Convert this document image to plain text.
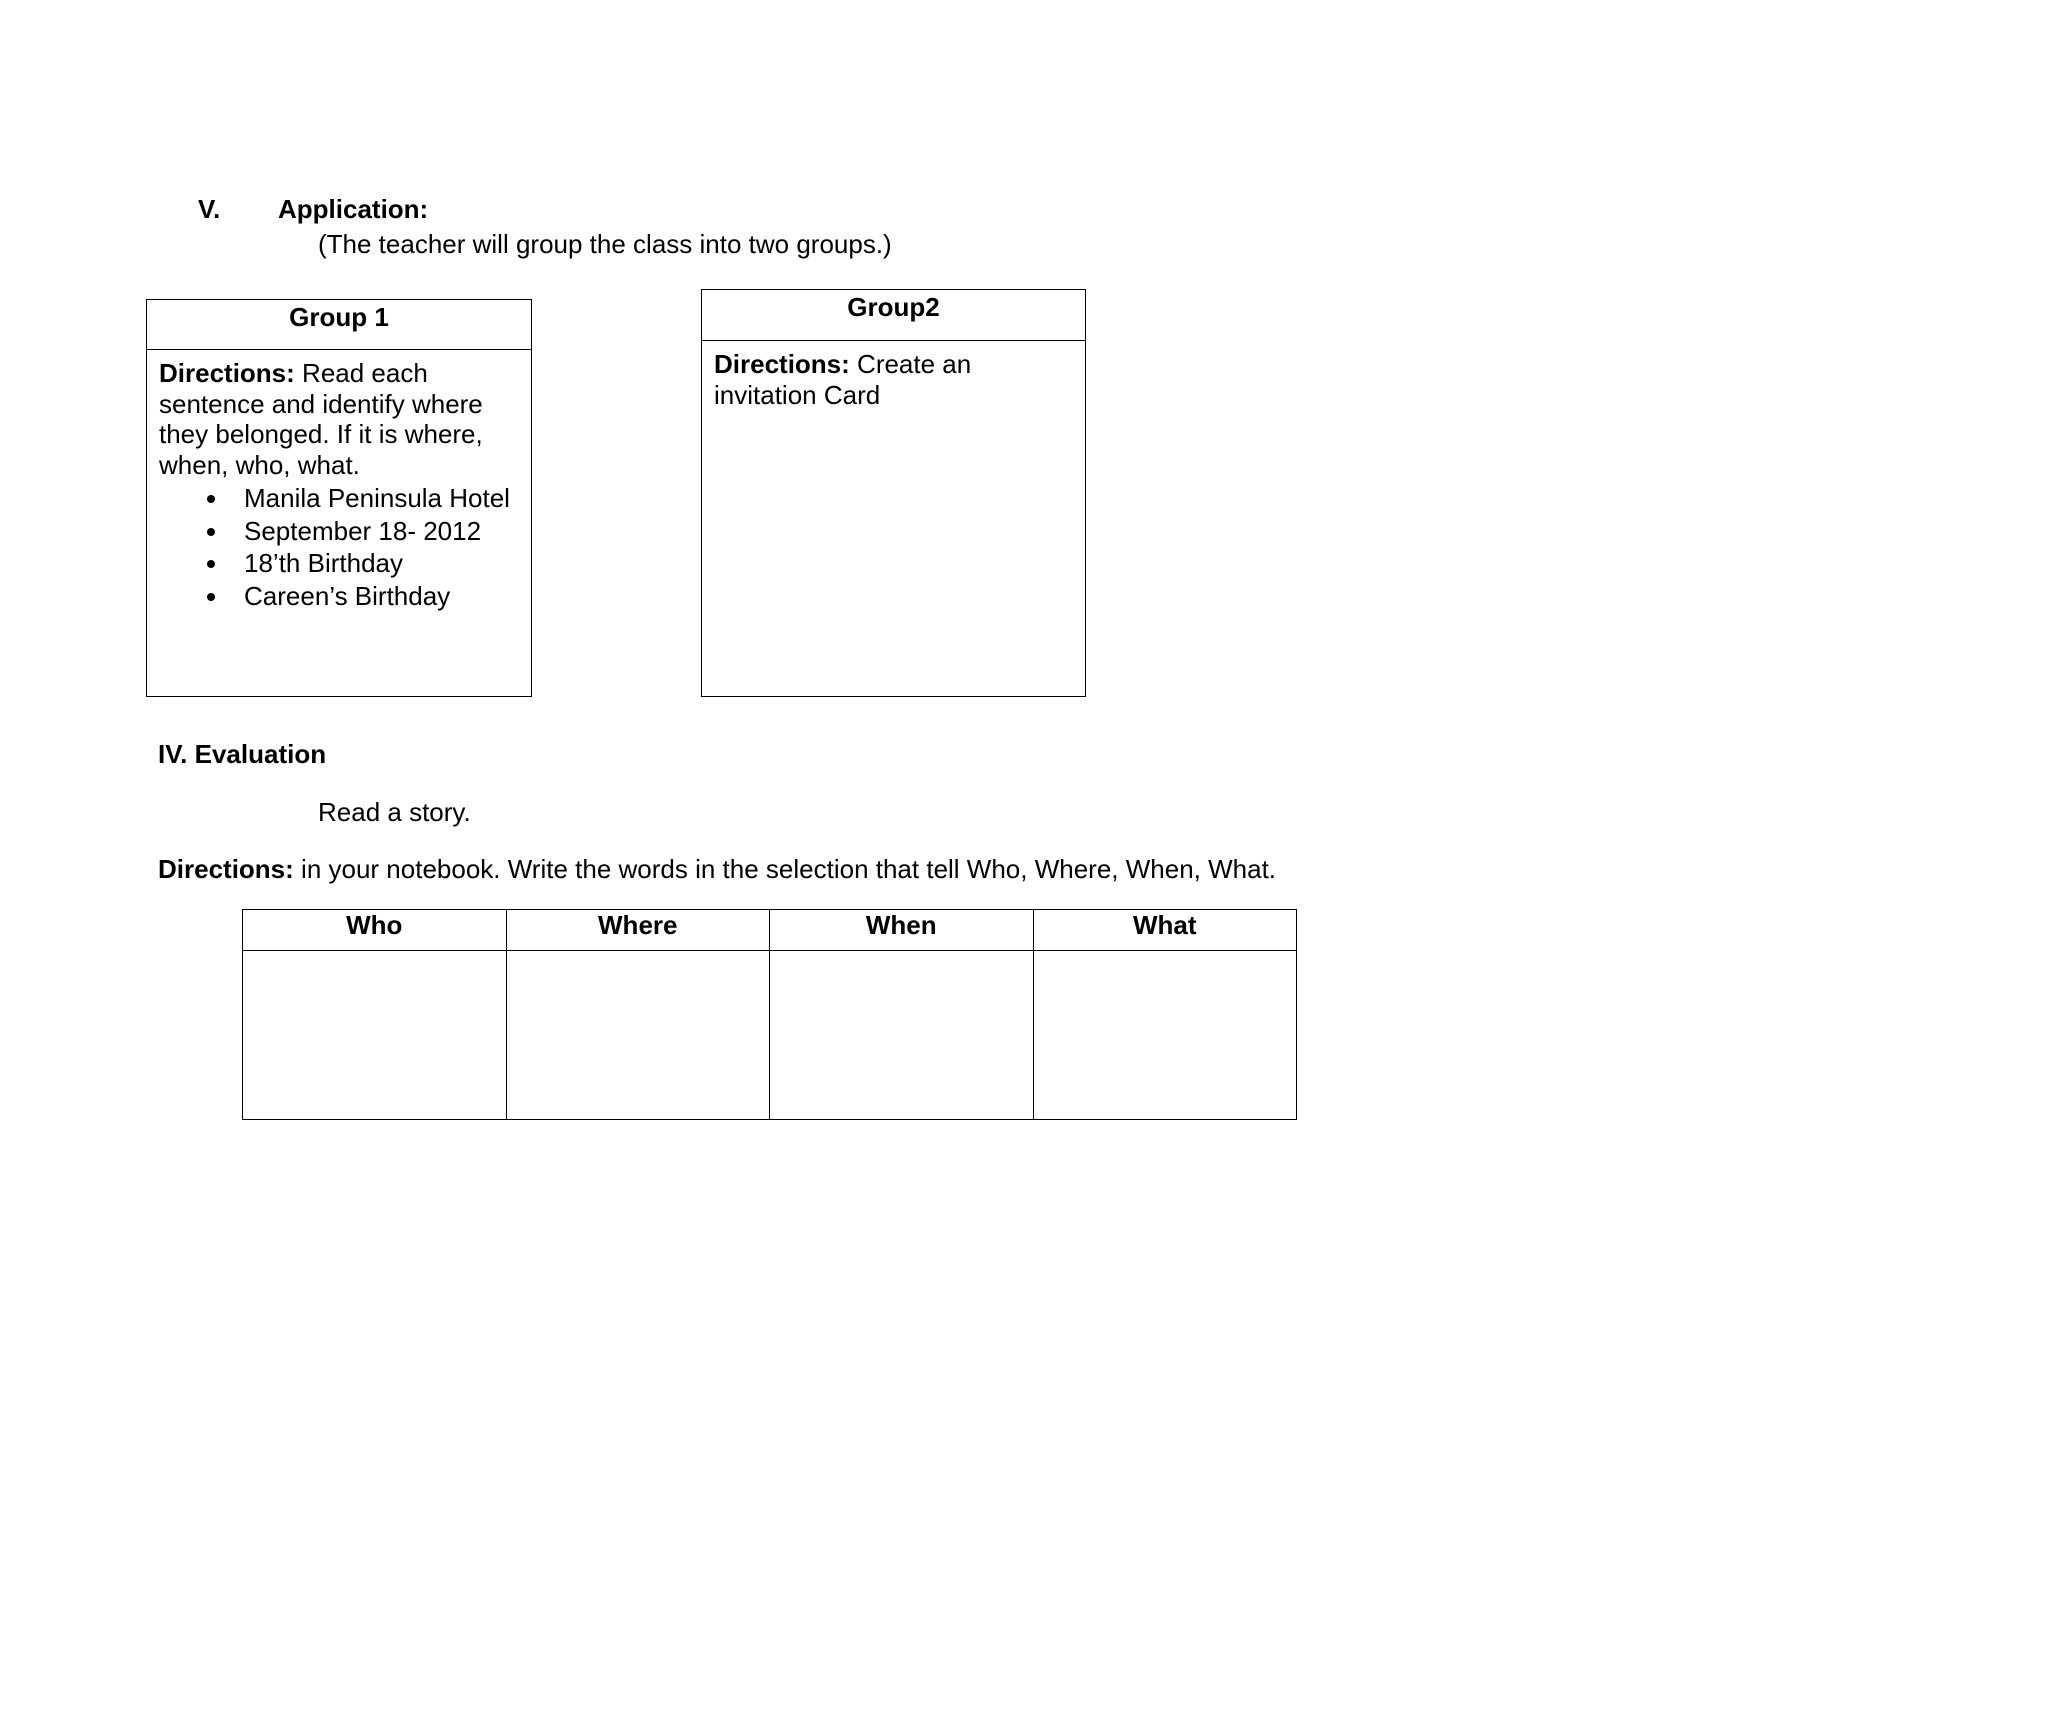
V. Application:
(The teacher will group the class into two groups.)
Group 1
Directions: Read each sentence and identify where they belonged. If it is where, when, who, what.
Manila Peninsula Hotel
September 18- 2012
18’th Birthday
Careen’s Birthday
Group2
Directions: Create an invitation Card
IV. Evaluation
Read a story.
Directions: in your notebook. Write the words in the selection that tell Who, Where, When, What.
Who	Where	When	What
